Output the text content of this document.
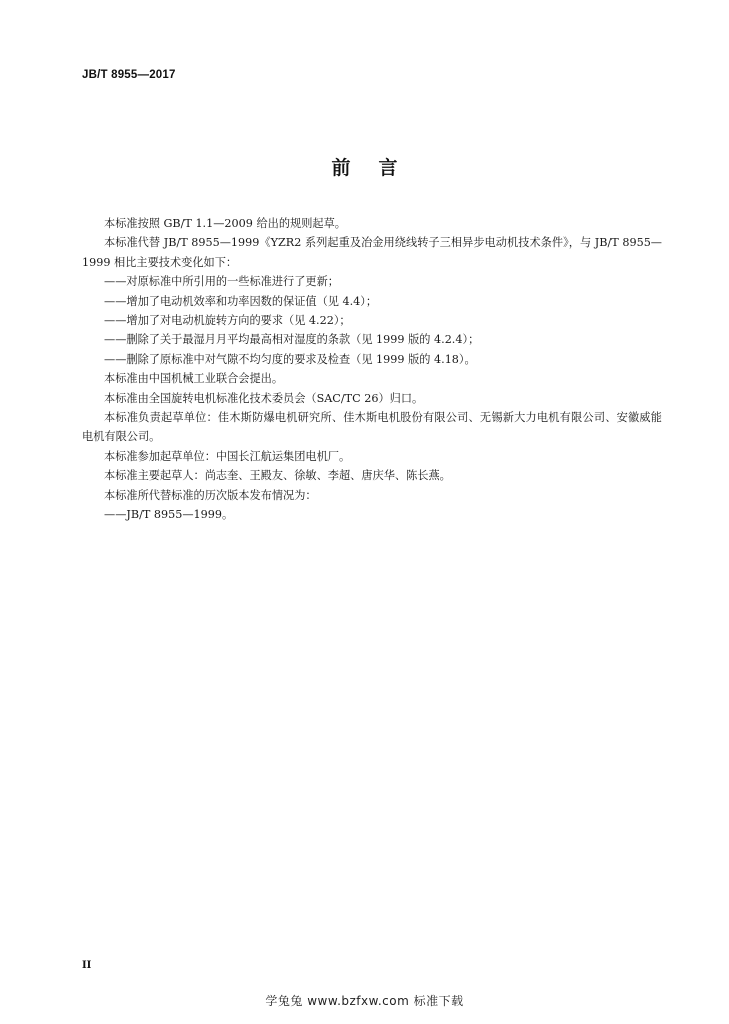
JB/T 8955—2017
前言

本标准按照 GB/T 1.1—2009 给出的规则起草。

本标准代替 JB/T 8955—1999《YZR2 系列起重及冶金用绕线转子三相异步电动机技术条件》，与 JB/T 8955—1999 相比主要技术变化如下：

——对原标准中所引用的一些标准进行了更新；

——增加了电动机效率和功率因数的保证值（见 4.4）；

——增加了对电动机旋转方向的要求（见 4.22）；

——删除了关于最湿月月平均最高相对湿度的条款（见 1999 版的 4.2.4）；

——删除了原标准中对气隙不均匀度的要求及检查（见 1999 版的 4.18）。

本标准由中国机械工业联合会提出。

本标准由全国旋转电机标准化技术委员会（SAC/TC 26）归口。

本标准负责起草单位：佳木斯防爆电机研究所、佳木斯电机股份有限公司、无锡新大力电机有限公司、安徽威能电机有限公司。

本标准参加起草单位：中国长江航运集团电机厂。

本标准主要起草人：尚志奎、王殿友、徐敏、李超、唐庆华、陈长燕。

本标准所代替标准的历次版本发布情况为：

——JB/T 8955—1999。

II
学兔兔 www.bzfxw.com 标准下载
